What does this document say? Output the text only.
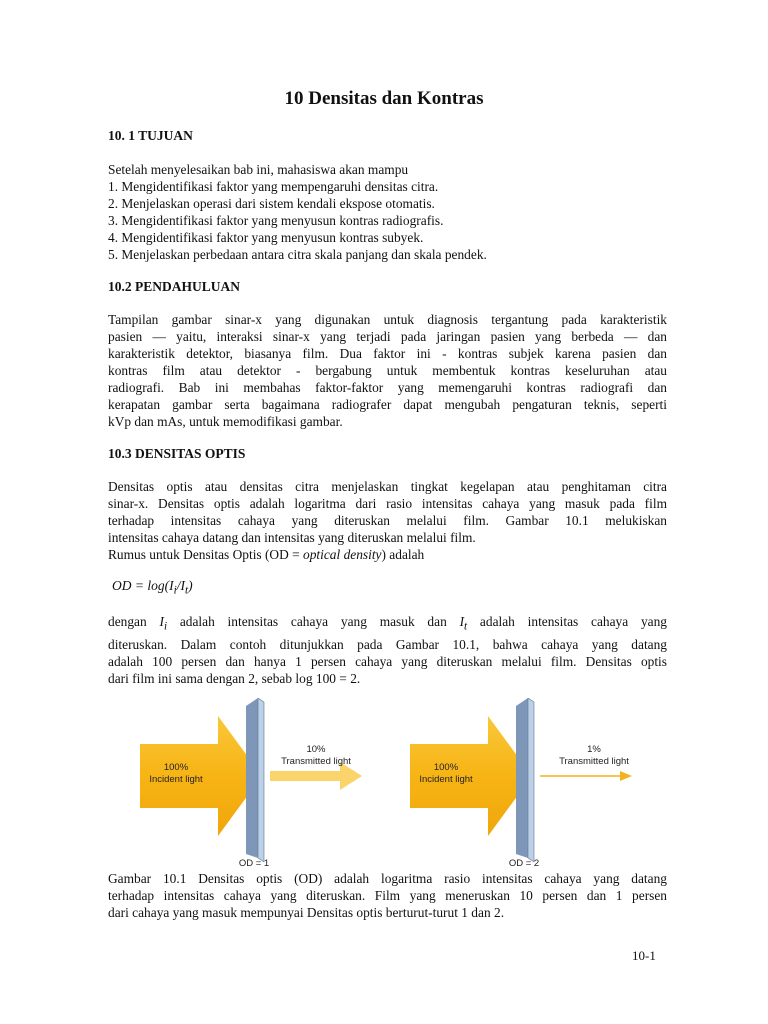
10 Densitas dan Kontras
10. 1 TUJUAN
Setelah menyelesaikan bab ini, mahasiswa akan mampu
1. Mengidentifikasi faktor yang mempengaruhi densitas citra.
2. Menjelaskan operasi dari sistem kendali ekspose otomatis.
3. Mengidentifikasi faktor yang menyusun kontras radiografis.
4. Mengidentifikasi faktor yang menyusun kontras subyek.
5. Menjelaskan perbedaan antara citra skala panjang dan skala pendek.
10.2 PENDAHULUAN
Tampilan gambar sinar-x yang digunakan untuk diagnosis tergantung pada karakteristik
pasien — yaitu, interaksi sinar-x yang terjadi pada jaringan pasien yang berbeda — dan
karakteristik detektor, biasanya film. Dua faktor ini - kontras subjek karena pasien dan
kontras film atau detektor - bergabung untuk membentuk kontras keseluruhan atau
radiografi. Bab ini membahas faktor-faktor yang memengaruhi kontras radiografi dan
kerapatan gambar serta bagaimana radiografer dapat mengubah pengaturan teknis, seperti
kVp dan mAs, untuk memodifikasi gambar.
10.3 DENSITAS OPTIS
Densitas optis atau densitas citra menjelaskan tingkat kegelapan atau penghitaman citra
sinar-x. Densitas optis adalah logaritma dari rasio intensitas cahaya yang masuk pada film
terhadap intensitas cahaya yang diteruskan melalui film. Gambar 10.1 melukiskan
intensitas cahaya datang dan intensitas yang diteruskan melalui film.
Rumus untuk Densitas Optis (OD = optical density) adalah
OD = $\log(I_i/I_t)$
dengan $I_i$ adalah intensitas cahaya yang masuk dan $I_t$ adalah intensitas cahaya yang
diteruskan. Dalam contoh ditunjukkan pada Gambar 10.1, bahwa cahaya yang datang
adalah 100 persen dan hanya 1 persen cahaya yang diteruskan melalui film. Densitas optis
dari film ini sama dengan 2, sebab log 100 = 2.
100%
Incident light
10%
Transmitted light
OD = 1
100%
Incident light
1%
Transmitted light
OD = 2
Gambar 10.1 Densitas optis (OD) adalah logaritma rasio intensitas cahaya yang datang
terhadap intensitas cahaya yang diteruskan. Film yang meneruskan 10 persen dan 1 persen
dari cahaya yang masuk mempunyai Densitas optis berturut-turut 1 dan 2.
10-1
